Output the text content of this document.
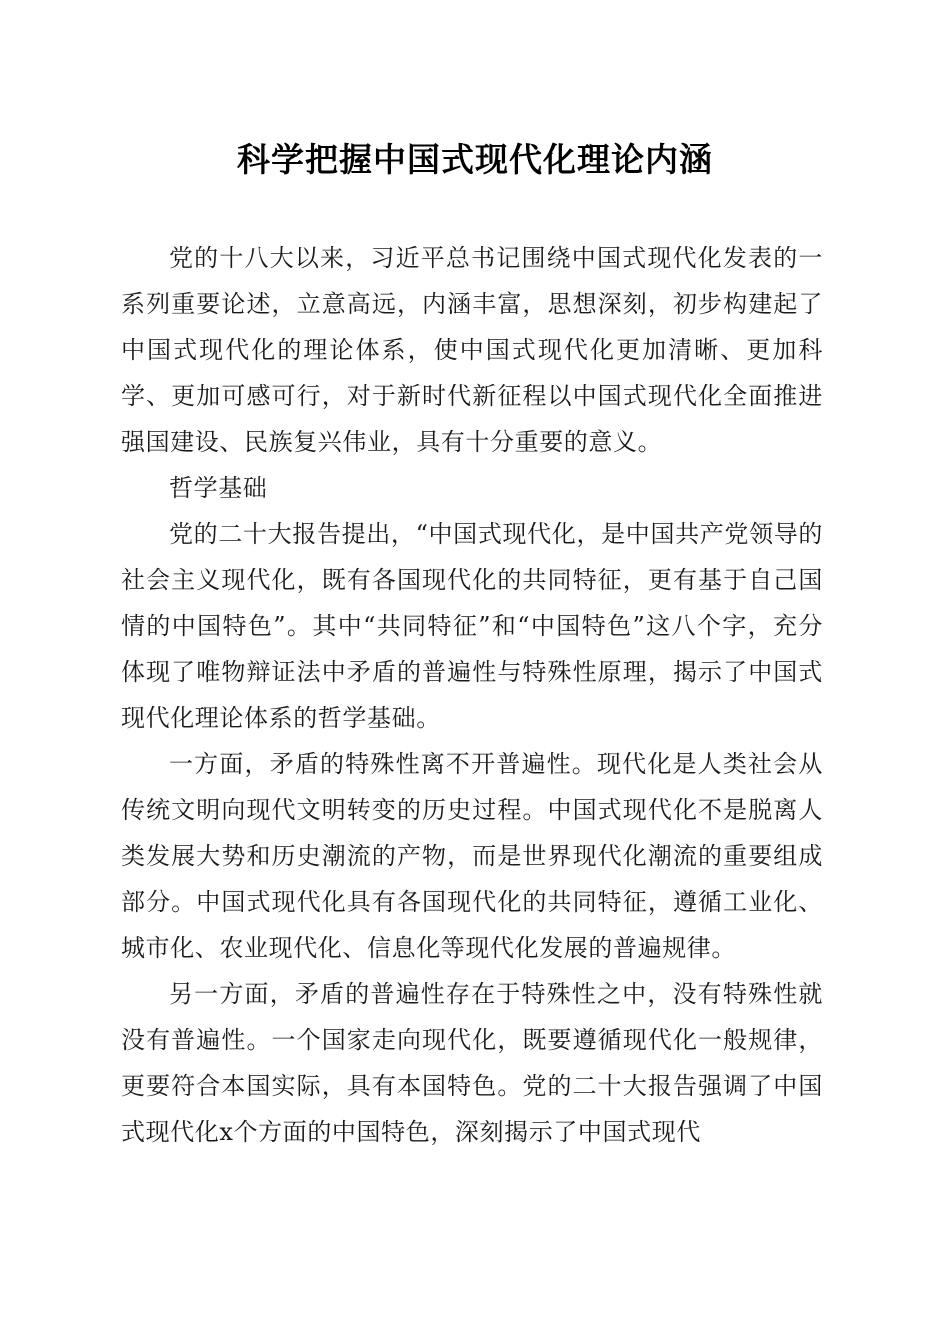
科学把握中国式现代化理论内涵

党的十八大以来，习近平总书记围绕中国式现代化发表的一系列重要论述，立意高远，内涵丰富，思想深刻，初步构建起了中国式现代化的理论体系，使中国式现代化更加清晰、更加科学、更加可感可行，对于新时代新征程以中国式现代化全面推进强国建设、民族复兴伟业，具有十分重要的意义。

哲学基础

党的二十大报告提出，“中国式现代化，是中国共产党领导的社会主义现代化，既有各国现代化的共同特征，更有基于自己国情的中国特色”。其中“共同特征”和“中国特色”这八个字，充分体现了唯物辩证法中矛盾的普遍性与特殊性原理，揭示了中国式现代化理论体系的哲学基础。

一方面，矛盾的特殊性离不开普遍性。现代化是人类社会从传统文明向现代文明转变的历史过程。中国式现代化不是脱离人类发展大势和历史潮流的产物，而是世界现代化潮流的重要组成部分。中国式现代化具有各国现代化的共同特征，遵循工业化、城市化、农业现代化、信息化等现代化发展的普遍规律。

另一方面，矛盾的普遍性存在于特殊性之中，没有特殊性就没有普遍性。一个国家走向现代化，既要遵循现代化一般规律，更要符合本国实际，具有本国特色。党的二十大报告强调了中国式现代化x个方面的中国特色，深刻揭示了中国式现代
